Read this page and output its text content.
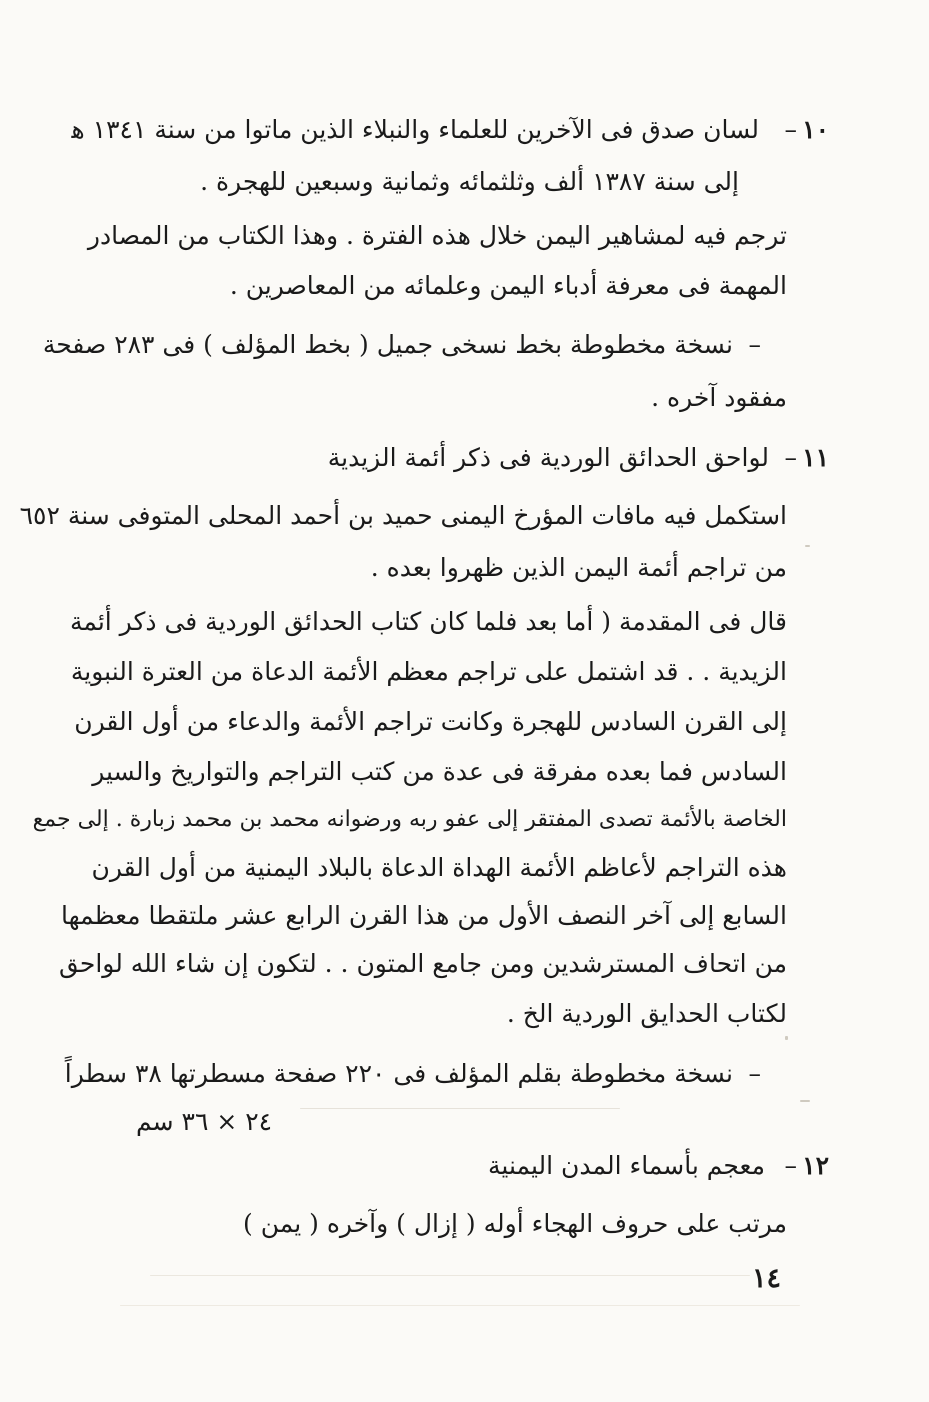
١٠
–
لسان صدق فى الآخرين للعلماء والنبلاء الذين ماتوا من سنة ١٣٤١ ﻫ
إلى سنة ١٣٨٧ ألف وثلثمائه وثمانية وسبعين للهجرة .
ترجم فيه لمشاهير اليمن خلال هذه الفترة . وهذا الكتاب من المصادر
المهمة فى معرفة أدباء اليمن وعلمائه من المعاصرين .
–
نسخة مخطوطة بخط نسخى جميل ( بخط المؤلف ) فى ٢٨٣ صفحة
مفقود آخره .
١١
–
لواحق الحدائق الوردية فى ذكر أئمة الزيدية
استكمل فيه مافات المؤرخ اليمنى حميد بن أحمد المحلى المتوفى سنة ٦٥٢
من تراجم أئمة اليمن الذين ظهروا بعده .
قال فى المقدمة ( أما بعد فلما كان كتاب الحدائق الوردية فى ذكر أئمة
الزيدية . . قد اشتمل على تراجم معظم الأئمة الدعاة من العترة النبوية
إلى القرن السادس للهجرة وكانت تراجم الأئمة والدعاء من أول القرن
السادس فما بعده مفرقة فى عدة من كتب التراجم والتواريخ والسير
الخاصة بالأئمة تصدى المفتقر إلى عفو ربه ورضوانه محمد بن محمد زبارة . إلى جمع
هذه التراجم لأعاظم الأئمة الهداة الدعاة بالبلاد اليمنية من أول القرن
السابع إلى آخر النصف الأول من هذا القرن الرابع عشر ملتقطا معظمها
من اتحاف المسترشدين ومن جامع المتون . . لتكون إن شاء الله لواحق
لكتاب الحدايق الوردية الخ .
–
نسخة مخطوطة بقلم المؤلف فى ٢٢٠ صفحة مسطرتها ٣٨ سطراً
٢٤ × ٣٦ سم
١٢
–
معجم بأسماء المدن اليمنية
مرتب على حروف الهجاء أوله ( إزال ) وآخره ( يمن )
١٤
